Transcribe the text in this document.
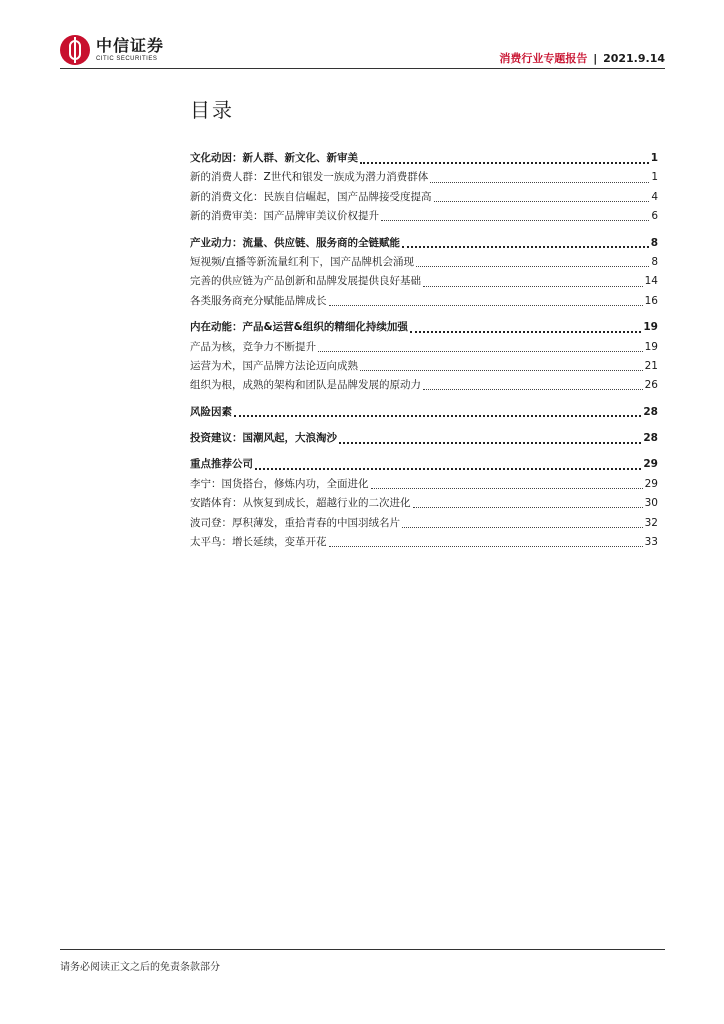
中信证券
CITIC SECURITIES	消费行业专题报告 | 2021.9.14
目录
文化动因：新人群、新文化、新审美	1
新的消费人群：Z世代和银发一族成为潜力消费群体	1
新的消费文化：民族自信崛起，国产品牌接受度提高	4
新的消费审美：国产品牌审美议价权提升	6
产业动力：流量、供应链、服务商的全链赋能	8
短视频/直播等新流量红利下，国产品牌机会涌现	8
完善的供应链为产品创新和品牌发展提供良好基础	14
各类服务商充分赋能品牌成长	16
内在动能：产品&运营&组织的精细化持续加强	19
产品为核，竞争力不断提升	19
运营为术，国产品牌方法论迈向成熟	21
组织为根，成熟的架构和团队是品牌发展的原动力	26
风险因素	28
投资建议：国潮风起，大浪淘沙	28
重点推荐公司	29
李宁：国货搭台，修炼内功，全面进化	29
安踏体育：从恢复到成长，超越行业的二次进化	30
波司登：厚积薄发，重拾青春的中国羽绒名片	32
太平鸟：增长延续，变革开花	33
请务必阅读正文之后的免责条款部分
